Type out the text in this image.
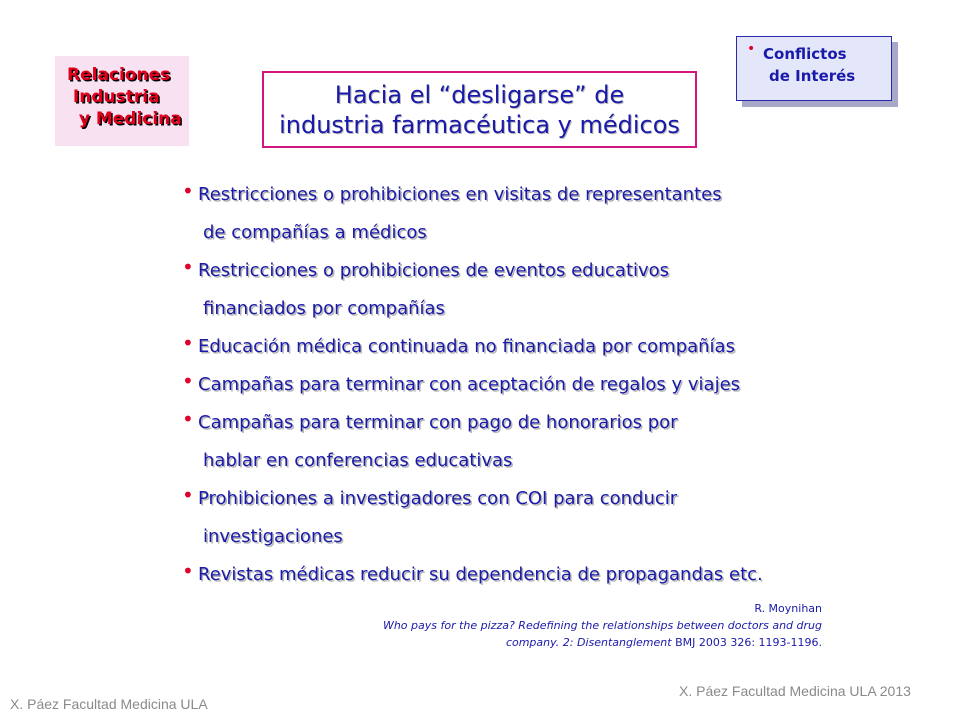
Relaciones
Industria
y Medicina
Hacia el “desligarse” de
industria farmacéutica y médicos
• Conflictos
de Interés
• Restricciones o prohibiciones en visitas de representantes
de compañías a médicos
• Restricciones o prohibiciones de eventos educativos
financiados por compañías
• Educación médica continuada no financiada por compañías
• Campañas para terminar con aceptación de regalos y viajes
• Campañas para terminar con pago de honorarios por
hablar en conferencias educativas
• Prohibiciones a investigadores con COI para conducir
investigaciones
• Revistas médicas reducir su dependencia de propagandas etc.
R. Moynihan
Who pays for the pizza? Redefining the relationships between doctors and drug
company. 2: Disentanglement BMJ 2003 326: 1193-1196.
X. Páez Facultad Medicina ULA
X. Páez Facultad Medicina ULA 2013
